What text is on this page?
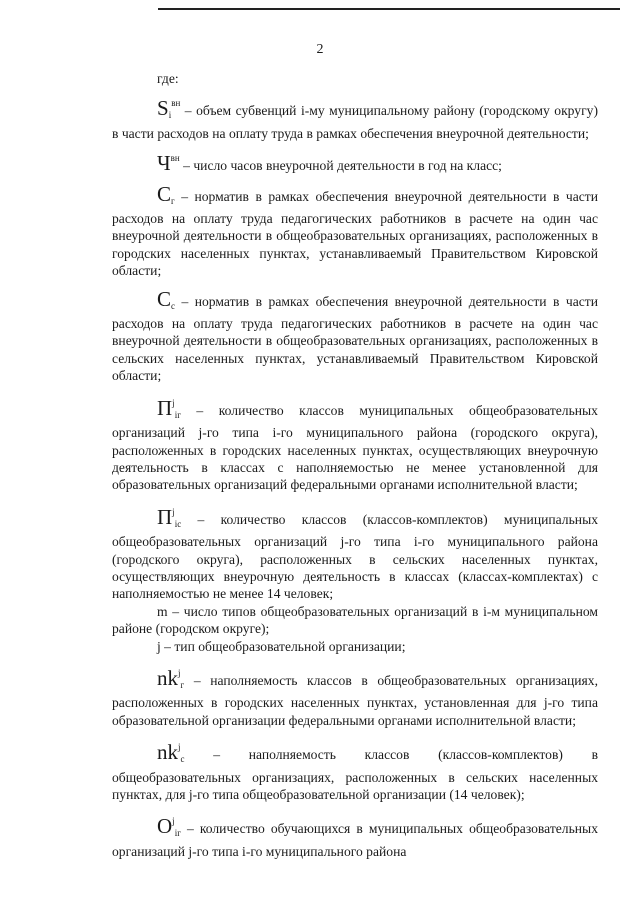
2

где:

$S_i^{вн}$ – объем субвенций i-му муниципальному району (городскому округу) в части расходов на оплату труда в рамках обеспечения внеурочной деятельности;

$Ч^{вн}$ – число часов внеурочной деятельности в год на класс;

$С_г$ – норматив в рамках обеспечения внеурочной деятельности в части расходов на оплату труда педагогических работников в расчете на один час внеурочной деятельности в общеобразовательных организациях, расположенных в городских населенных пунктах, устанавливаемый Правительством Кировской области;

$С_с$ – норматив в рамках обеспечения внеурочной деятельности в части расходов на оплату труда педагогических работников в расчете на один час внеурочной деятельности в общеобразовательных организациях, расположенных в сельских населенных пунктах, устанавливаемый Правительством Кировской области;

$П^j_{iг}$ – количество классов муниципальных общеобразовательных организаций j-го типа i-го муниципального района (городского округа), расположенных в городских населенных пунктах, осуществляющих внеурочную деятельность в классах с наполняемостью не менее установленной для образовательных организаций федеральными органами исполнительной власти;

$П^j_{iс}$ – количество классов (классов-комплектов) муниципальных общеобразовательных организаций j-го типа i-го муниципального района (городского округа), расположенных в сельских населенных пунктах, осуществляющих внеурочную деятельность в классах (классах-комплектах) с наполняемостью не менее 14 человек;

m – число типов общеобразовательных организаций в i-м муниципальном районе (городском округе);

j – тип общеобразовательной организации;

$nk^j_г$ – наполняемость классов в общеобразовательных организациях, расположенных в городских населенных пунктах, установленная для j-го типа образовательной организации федеральными органами исполнительной власти;

$nk^j_с$ – наполняемость классов (классов-комплектов) в общеобразовательных организациях, расположенных в сельских населенных пунктах, для j-го типа общеобразовательной организации (14 человек);

$O^j_{iг}$ – количество обучающихся в муниципальных общеобразовательных организаций j-го типа i-го муниципального района
